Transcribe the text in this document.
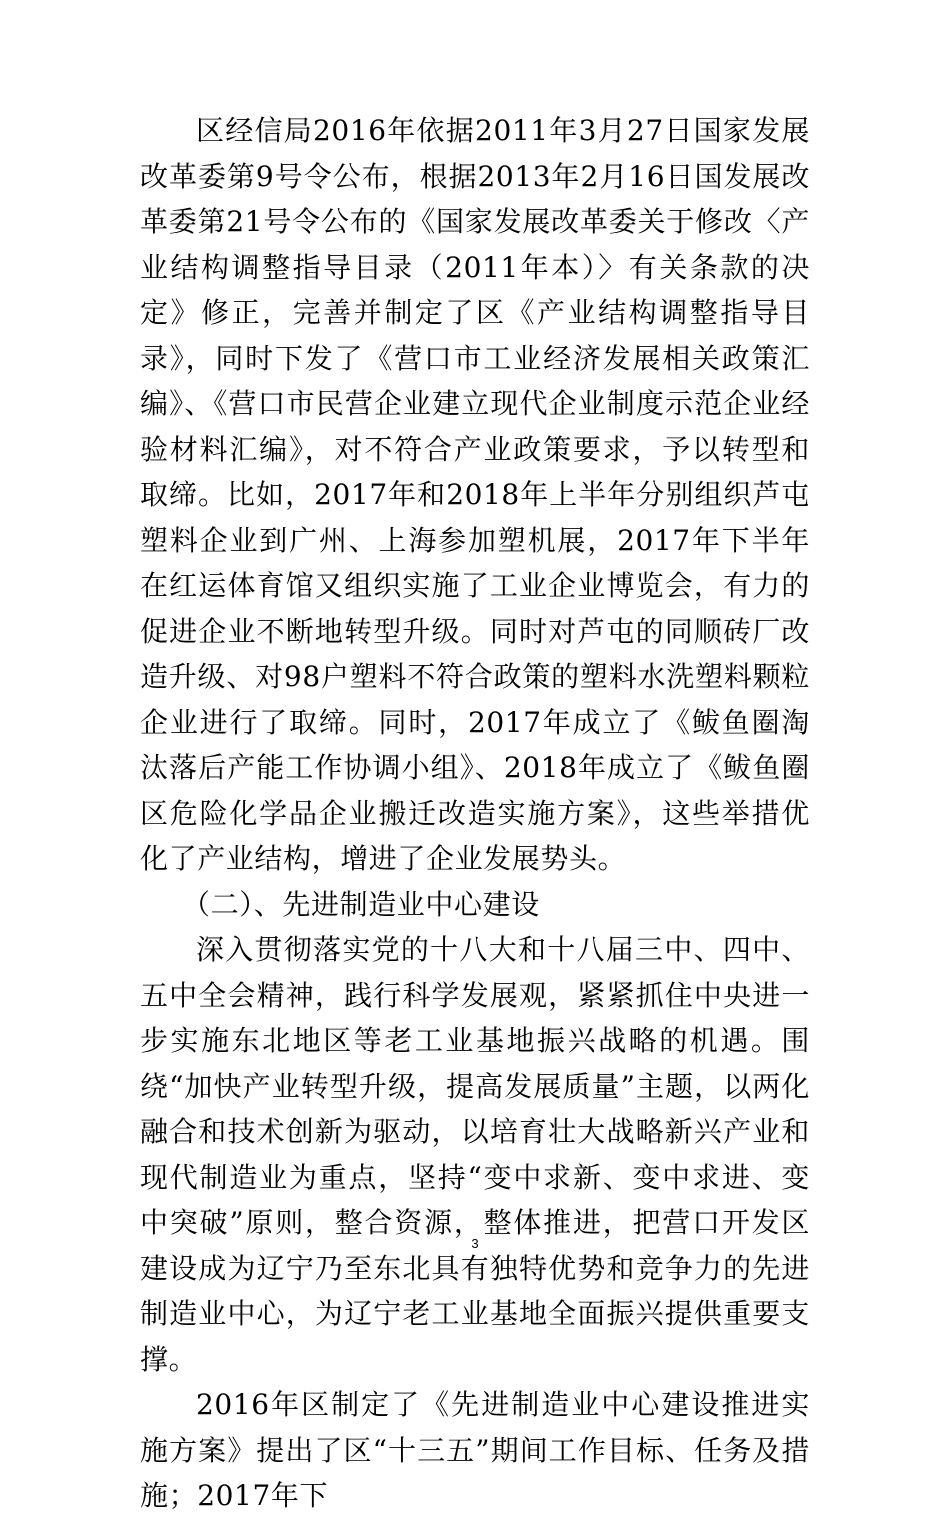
区经信局2016年依据2011年3月27日国家发展改革委第9号令公布，根据2013年2月16日国发展改革委第21号令公布的《国家发展改革委关于修改〈产业结构调整指导目录（2011年本）〉有关条款的决定》修正，完善并制定了区《产业结构调整指导目录》，同时下发了《营口市工业经济发展相关政策汇编》、《营口市民营企业建立现代企业制度示范企业经验材料汇编》，对不符合产业政策要求，予以转型和取缔。比如，2017年和2018年上半年分别组织芦屯塑料企业到广州、上海参加塑机展，2017年下半年在红运体育馆又组织实施了工业企业博览会，有力的促进企业不断地转型升级。同时对芦屯的同顺砖厂改造升级、对98户塑料不符合政策的塑料水洗塑料颗粒企业进行了取缔。同时，2017年成立了《鲅鱼圈淘汰落后产能工作协调小组》、2018年成立了《鲅鱼圈区危险化学品企业搬迁改造实施方案》，这些举措优化了产业结构，增进了企业发展势头。

（二）、先进制造业中心建设

深入贯彻落实党的十八大和十八届三中、四中、五中全会精神，践行科学发展观，紧紧抓住中央进一步实施东北地区等老工业基地振兴战略的机遇。围绕“加快产业转型升级，提高发展质量”主题，以两化融合和技术创新为驱动，以培育壮大战略新兴产业和现代制造业为重点，坚持“变中求新、变中求进、变中突破”原则，整合资源，整体推进，把营口开发区建设成为辽宁乃至东北具有独特优势和竞争力的先进制造业中心，为辽宁老工业基地全面振兴提供重要支撑。

2016年区制定了《先进制造业中心建设推进实施方案》提出了区“十三五”期间工作目标、任务及措施；2017年下

3
